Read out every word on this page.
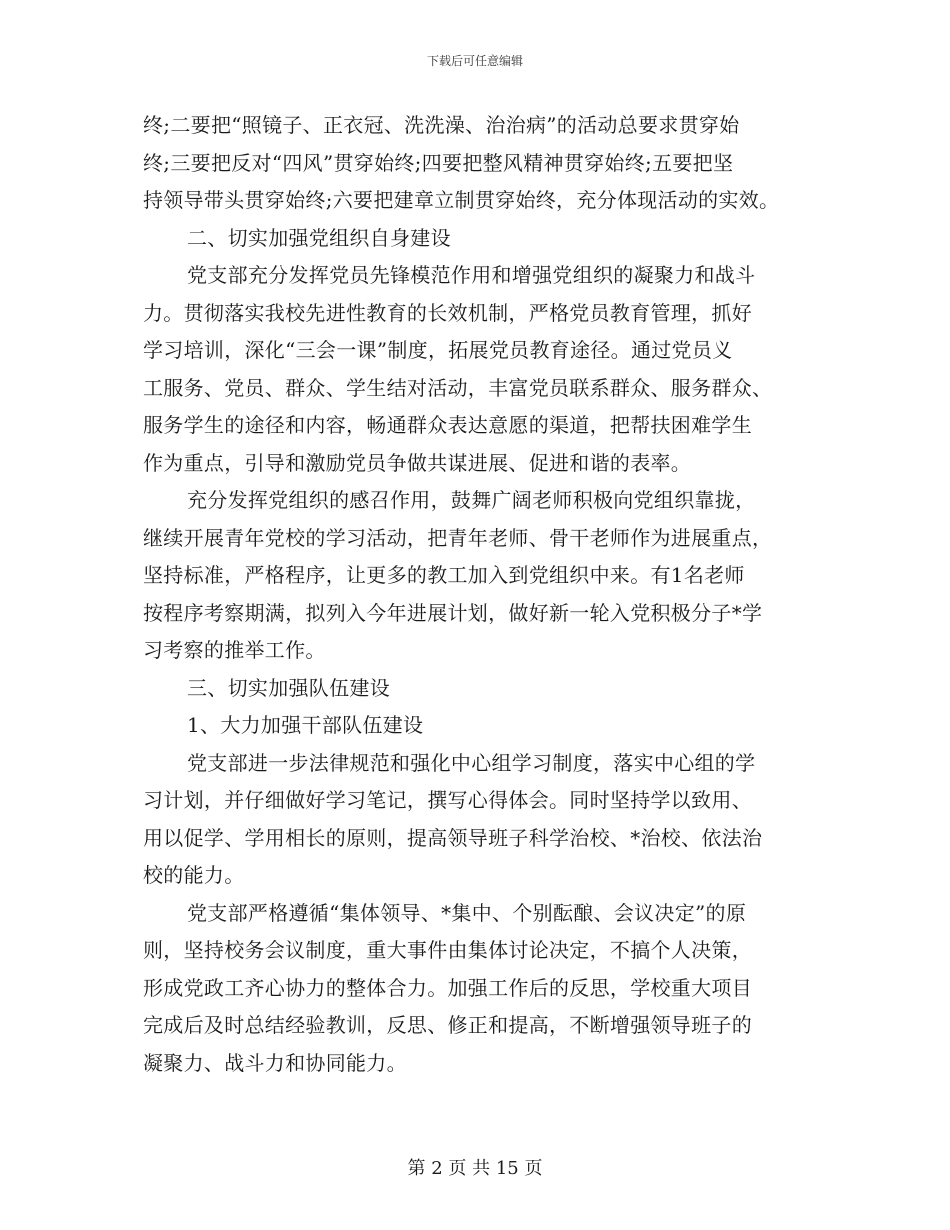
下载后可任意编辑

终;二要把“照镜子、正衣冠、洗洗澡、治治病”的活动总要求贯穿始

终;三要把反对“四风”贯穿始终;四要把整风精神贯穿始终;五要把坚

持领导带头贯穿始终;六要把建章立制贯穿始终，充分体现活动的实效。

二、切实加强党组织自身建设

党支部充分发挥党员先锋模范作用和增强党组织的凝聚力和战斗

力。贯彻落实我校先进性教育的长效机制，严格党员教育管理，抓好

学习培训，深化“三会一课”制度，拓展党员教育途径。通过党员义

工服务、党员、群众、学生结对活动，丰富党员联系群众、服务群众、

服务学生的途径和内容，畅通群众表达意愿的渠道，把帮扶困难学生

作为重点，引导和激励党员争做共谋进展、促进和谐的表率。

充分发挥党组织的感召作用，鼓舞广阔老师积极向党组织靠拢，

继续开展青年党校的学习活动，把青年老师、骨干老师作为进展重点，

坚持标准，严格程序，让更多的教工加入到党组织中来。有1名老师

按程序考察期满，拟列入今年进展计划，做好新一轮入党积极分子*学

习考察的推举工作。

三、切实加强队伍建设

1、大力加强干部队伍建设

党支部进一步法律规范和强化中心组学习制度，落实中心组的学

习计划，并仔细做好学习笔记，撰写心得体会。同时坚持学以致用、

用以促学、学用相长的原则，提高领导班子科学治校、*治校、依法治

校的能力。

党支部严格遵循“集体领导、*集中、个别酝酿、会议决定”的原

则，坚持校务会议制度，重大事件由集体讨论决定，不搞个人决策，

形成党政工齐心协力的整体合力。加强工作后的反思，学校重大项目

完成后及时总结经验教训，反思、修正和提高，不断增强领导班子的

凝聚力、战斗力和协同能力。

第 2 页 共 15 页
